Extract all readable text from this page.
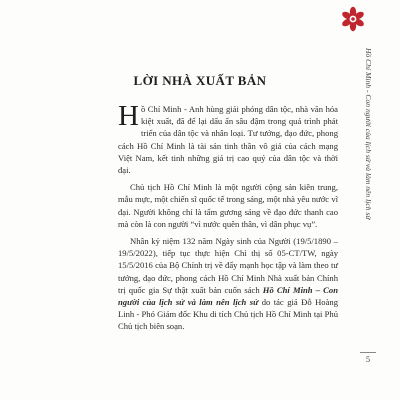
LỜI NHÀ XUẤT BẢN

Hồ Chí Minh - Anh hùng giải phóng dân tộc, nhà văn hóa kiệt xuất, đã để lại dấu ấn sâu đậm trong quá trình phát triển của dân tộc và nhân loại. Tư tưởng, đạo đức, phong cách Hồ Chí Minh là tài sản tinh thần vô giá của cách mạng Việt Nam, kết tinh những giá trị cao quý của dân tộc và thời đại.

Chủ tịch Hồ Chí Minh là một người cộng sản kiên trung, mẫu mực, một chiến sĩ quốc tế trong sáng, một nhà yêu nước vĩ đại. Người không chỉ là tấm gương sáng về đạo đức thanh cao mà còn là con người “vì nước quên thân, vì dân phục vụ”.

Nhân kỷ niệm 132 năm Ngày sinh của Người (19/5/1890 – 19/5/2022), tiếp tục thực hiện Chỉ thị số 05-CT/TW, ngày 15/5/2016 của Bộ Chính trị về đẩy mạnh học tập và làm theo tư tưởng, đạo đức, phong cách Hồ Chí Minh Nhà xuất bản Chính trị quốc gia Sự thật xuất bản cuốn sách Hồ Chí Minh – Con người của lịch sử và làm nên lịch sử do tác giả Đỗ Hoàng Linh - Phó Giám đốc Khu di tích Chủ tịch Hồ Chí Minh tại Phủ Chủ tịch biên soạn.

Hồ Chí Minh - Con người của lịch sử và làm nên lịch sử
5
